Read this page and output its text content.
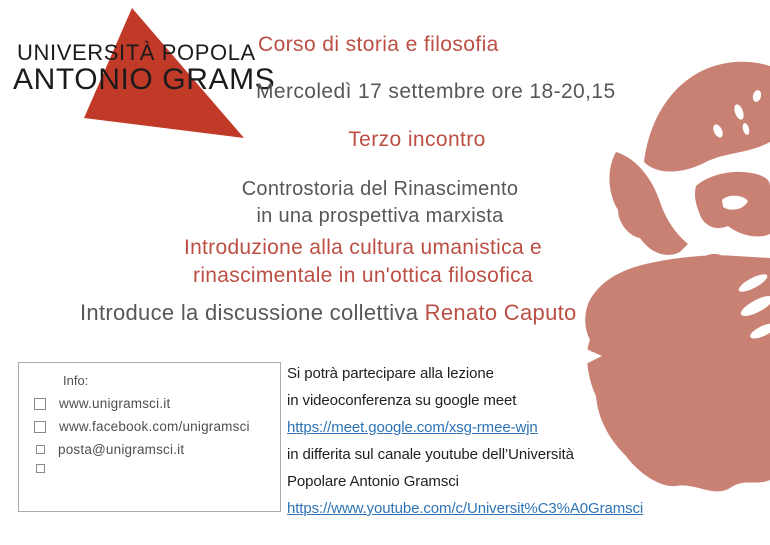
UNIVERSITÀ POPOLA
ANTONIO GRAMS
Corso di storia e filosofia
Mercoledì 17 settembre ore 18-20,15
Terzo incontro
Controstoria del Rinascimento
in una prospettiva marxista
Introduzione alla cultura umanistica e
rinascimentale in un'ottica filosofica
Introduce la discussione collettiva Renato Caputo
Info:
www.unigramsci.it
www.facebook.com/unigramsci
posta@unigramsci.it
Si potrà partecipare alla lezione
in videoconferenza su google meet
https://meet.google.com/xsg-rmee-wjn
in differita sul canale youtube dell’Università
Popolare Antonio Gramsci
https://www.youtube.com/c/Universit%C3%A0Gramsci
